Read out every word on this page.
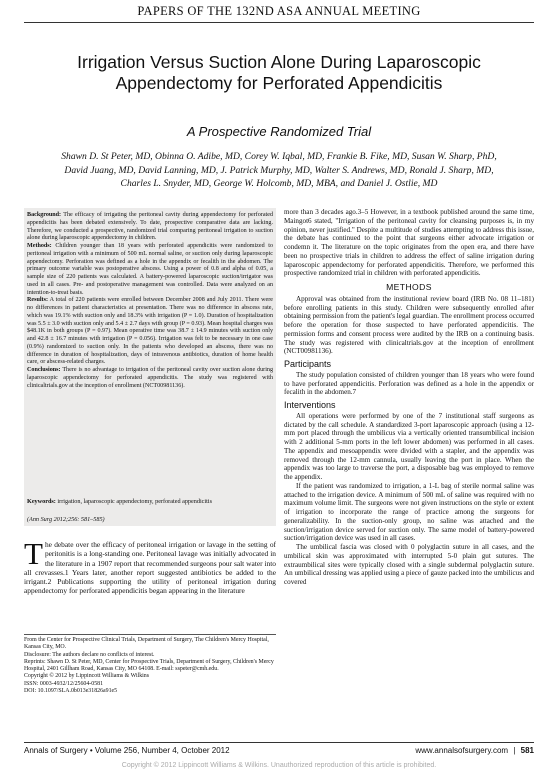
PAPERS OF THE 132ND ASA ANNUAL MEETING
Irrigation Versus Suction Alone During Laparoscopic
Appendectomy for Perforated Appendicitis
A Prospective Randomized Trial
Shawn D. St Peter, MD, Obinna O. Adibe, MD, Corey W. Iqbal, MD, Frankie B. Fike, MD, Susan W. Sharp, PhD,
David Juang, MD, David Lanning, MD, J. Patrick Murphy, MD, Walter S. Andrews, MD, Ronald J. Sharp, MD,
Charles L. Snyder, MD, George W. Holcomb, MD, MBA, and Daniel J. Ostlie, MD

Background: The efficacy of irrigating the peritoneal cavity during appendectomy for perforated appendicitis has been debated extensively. To date, prospective comparative data are lacking. Therefore, we conducted a prospective, randomized trial comparing peritoneal irrigation to suction alone during laparoscopic appendectomy in children.

Methods: Children younger than 18 years with perforated appendicitis were randomized to peritoneal irrigation with a minimum of 500 mL normal saline, or suction only during laparoscopic appendectomy. Perforation was defined as a hole in the appendix or fecalith in the abdomen. The primary outcome variable was postoperative abscess. Using a power of 0.8 and alpha of 0.05, a sample size of 220 patients was calculated. A battery-powered laparoscopic suction/irrigator was used in all cases. Pre- and postoperative management was controlled. Data were analyzed on an intention-to-treat basis.

Results: A total of 220 patients were enrolled between December 2008 and July 2011. There were no differences in patient characteristics at presentation. There was no difference in abscess rate, which was 19.1% with suction only and 18.3% with irrigation (P = 1.0). Duration of hospitalization was 5.5 ± 3.0 with suction only and 5.4 ± 2.7 days with group (P = 0.93). Mean hospital charges was $48.1K in both groups (P = 0.97). Mean operative time was 38.7 ± 14.9 minutes with suction only and 42.8 ± 16.7 minutes with irrigation (P = 0.056). Irrigation was felt to be necessary in one case (0.9%) randomized to suction only. In the patients who developed an abscess, there was no difference in duration of hospitalization, days of intravenous antibiotics, duration of home health care, or abscess-related charges.

Conclusions: There is no advantage to irrigation of the peritoneal cavity over suction alone during laparoscopic appendectomy for perforated appendicitis. The study was registered with clinicaltrials.gov at the inception of enrollment (NCT00981136).

Keywords: irrigation, laparoscopic appendectomy, perforated appendicitis
(Ann Surg 2012;256: 581–585)
The debate over the efficacy of peritoneal irrigation or lavage in the setting of peritonitis is a long-standing one. Peritoneal lavage was initially advocated in the literature in a 1907 report that recommended surgeons pour salt water into all crevasses.1 Years later, another report suggested antibiotics be added to the irrigant.2 Publications supporting the utility of peritoneal irrigation during appendectomy for perforated appendicitis began appearing in the literature
From the Center for Prospective Clinical Trials, Department of Surgery, The Children's Mercy Hospital, Kansas City, MO.
Disclosure: The authors declare no conflicts of interest.
Reprints: Shawn D. St Peter, MD, Center for Prospective Trials, Department of Surgery, Children's Mercy Hospital, 2401 Gillham Road, Kansas City, MO 64108. E-mail: sspeter@cmh.edu.
Copyright © 2012 by Lippincott Williams & Wilkins
ISSN: 0003-4932/12/25604-0581
DOI: 10.1097/SLA.0b013e31826a91e5

more than 3 decades ago.3–5 However, in a textbook published around the same time, Maingot6 stated, "Irrigation of the peritoneal cavity for cleansing purposes is, in my opinion, never justified." Despite a multitude of studies attempting to address this issue, the debate has continued to the point that surgeons either advocate irrigation or condemn it. The literature on the topic originates from the open era, and there have been no prospective trials in children to address the effect of saline irrigation during laparoscopic appendectomy for perforated appendicitis. Therefore, we performed this prospective randomized trial in children with perforated appendicitis.

METHODS

Approval was obtained from the institutional review board (IRB No. 08 11–181) before enrolling patients in this study. Children were subsequently enrolled after obtaining permission from the patient's legal guardian. The enrollment process occurred before the operation for those suspected to have perforated appendicitis. The permission forms and consent process were audited by the IRB on a continuing basis. The study was registered with clinicaltrials.gov at the inception of enrollment (NCT00981136).

Participants

The study population consisted of children younger than 18 years who were found to have perforated appendicitis. Perforation was defined as a hole in the appendix or fecalith in the abdomen.7

Interventions

All operations were performed by one of the 7 institutional staff surgeons as dictated by the call schedule. A standardized 3-port laparoscopic approach (using a 12-mm port placed through the umbilicus via a vertically oriented transumbilical incision with 2 additional 5-mm ports in the left lower abdomen) was performed in all cases. The appendix and mesoappendix were divided with a stapler, and the appendix was removed through the 12-mm cannula, usually leaving the port in place. When the appendix was too large to traverse the port, a disposable bag was employed to remove the appendix.

If the patient was randomized to irrigation, a 1-L bag of sterile normal saline was attached to the irrigation device. A minimum of 500 mL of saline was required with no maximum volume limit. The surgeons were not given instructions on the style or extent of irrigation to incorporate the range of practice among the surgeons for generalizability. In the suction-only group, no saline was attached and the suction/irrigation device served for suction only. The same model of battery-powered suction/irrigation device was used in all cases.

The umbilical fascia was closed with 0 polyglactin suture in all cases, and the umbilical skin was approximated with interrupted 5-0 plain gut sutures. The extraumbilical sites were typically closed with a single subdermal polyglactin suture. An umbilical dressing was applied using a piece of gauze packed into the umbilicus and covered

Annals of Surgery • Volume 256, Number 4, October 2012	www.annalsofsurgery.com | 581
Copyright © 2012 Lippincott Williams & Wilkins. Unauthorized reproduction of this article is prohibited.
